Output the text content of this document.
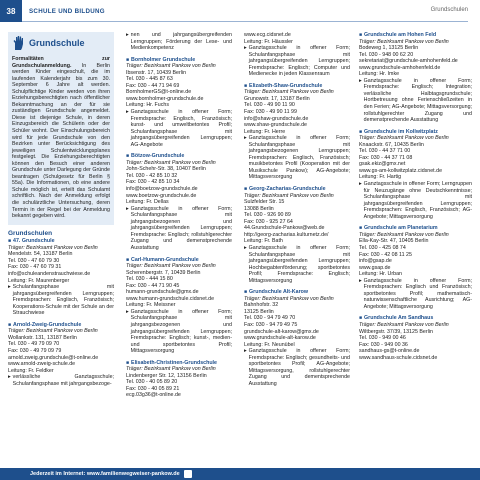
38	SCHULE UND BILDUNG	Grundschulen
Grundschule
Formalitäten zur Grundschulanmeldung. In Berlin werden Kinder eingeschult, die im laufenden Kalenderjahr bis zum 30. September 6 Jahre alt werden. Schulpflichtige Kinder werden von ihren Erziehungsberechtigten nach öffentlicher Bekanntmachung an der für sie zuständigen Grundschule angemeldet. Diese ist diejenige Schule, in deren Einzugsbereich die Schülerin oder der Schüler wohnt. Der Einschulungsbereich wird für jede Grundschule von den Bezirken unter Berücksichtigung des jeweiligen Schulentwicklungsplanes festgelegt. Die Erziehungsberechtigten können den Besuch einer anderen Grundschule unter Darlegung der Gründe beantragen (Schulgesetz für Berlin § 55a). Die Informationen, ob eine andere Schule möglich ist, erteilt das Schulamt schriftlich. Nach der Anmeldung erfolgt die schulärztliche Untersuchung, deren Termin in der Regel bei der Anmeldung bekannt gegeben wird.
Grundschulen
■ 47. Grundschule
Träger: Bezirksamt Pankow von Berlin
Mendelstr. 54, 13187 Berlin
Tel. 030 - 47 60 79 30
Fax: 030 - 47 60 79 31
info@schuleandenstrauchwiese.de
Leitung: Fr. Maurenberger
▸ Schulanfangsphase mit jahrgangsübergreifenden Lerngruppen; Fremdsprachen: Englisch, Französisch; Kooperations-Schule mit der Schule an der Strauchwiese
■ Arnold-Zweig-Grundschule
Träger: Bezirksamt Pankow von Berlin
Wollankstr. 131, 13187 Berlin
Tel. 030 - 49 79 09 70
Fax: 030 - 49 79 09 79
arnold.zweig.grundschule@t-online.de
www.arnold-zweig-schule.de
Leitung: Fr. Feldker
▸ verlässliche Ganztagsschule; Schulanfangsphase mit jahrgangsbezoge-
▸ nen und jahrgangsübergreifenden Lerngruppen; Förderung der Lese- und Medienkompetenz
■ Bornholmer Grundschule
Träger: Bezirksamt Pankow von Berlin
Ibsenstr. 17, 10439 Berlin
Tel. 030 - 445 87 63
Fax: 030 - 44 71 94 69
BornholmerGS@t-online.de
www.bornholmer-grundschule.de
Leitung: Hr. Fuchs
▸ Ganztagsschule in offener Form; Fremdsprache: Englisch, Französisch; kunst- und umweltbetontes Profil; Schulanfangsphase mit jahrgangsübergreifenden Lerngruppen; AG-Angebote
■ Bötzow-Grundschule
Träger: Bezirksamt Pankow von Berlin
John-Schehr-Str. 38, 10407 Berlin
Tel. 030 - 42 85 10 32
Fax: 030 - 42 85 10 34
info@boetzow-grundschule.de
www.boetzow-grundschule.de
Leitung: Fr. Dellas
▸ Ganztagsschule in offener Form; Schulanfangsphase mit jahrgangsbezogenen und jahrgangsübergreifenden Lerngruppen; Fremdsprache: Englisch; rollstuhlgerechter Zugang und demenstprechende Ausstattung
■ Carl-Humann-Grundschule
Träger: Bezirksamt Pankow von Berlin
Scherenbergstr. 7, 10439 Berlin
Tel. 030 - 444 15 80
Fax: 030 - 44 71 90 45
humann-grundschule@gmx.de
www.humann-grundschule.cidsnet.de
Leitung: Fr. Meissner
▸ Ganztagsschule in offener Form; Schulanfangsphase mit jahrgangsbezogenen und jahrgangsübergreifenden Lerngruppen; Fremdsprache: Englisch; kunst-, medien- und sportbetontes Profil; Mittagsversorgung
■ Elisabeth-Christinen-Grundschule
Träger: Bezirksamt Pankow von Berlin
Lindenberger Str. 12, 13156 Berlin
Tel. 030 - 40 05 89 20
Fax: 030 - 40 05 89 21
ecg.03g36@t-online.de
www.ecg.cidsnet.de
Leitung: Fr. Häussler
▸ Ganztagsschule in offener Form; Schulanfangsphase mit jahrgangsübergreifenden Lerngruppen; Fremdsprache: Englisch; Computer und Medienecke in jeden Klassenraum
■ Elizabeth-Shaw-Grundschule
Träger: Bezirksamt Pankow von Berlin
Grunowstr. 17, 13187 Berlin
Tel. 030 - 49 90 11 90
Fax: 030 - 49 90 11 99
info@shaw-grundschule.de
www.shaw-grundschule.de
Leitung: Fr. Herre
▸ Ganztagsschule in offener Form; Schulanfangsphase mit jahrgangsbezogenen Lerngruppen; Fremdsprachen: Englisch, Französisch; musikbetontes Profil (Kooperation mit der Musikschule Pankow); AG-Angebote; Mittagsversorgung
■ Georg-Zacharias-Grundschule
Träger: Bezirksamt Pankow von Berlin
Sulzfelder Str. 15
13088 Berlin
Tel. 030 - 926 90 89
Fax: 030 - 925 27 64
44.Grundschule-Pankow@web.de
http://georg-zacharias.kulturnetz.de/
Leitung: Fr. Bath
▸ Ganztagsschule in offener Form; Schulanfangsphase mit jahrgangsübergreifenden Lerngruppen; Hochbegabtenförderung; sportbetontes Profil; Fremdsprache: Englisch; Mittagsversorgung
■ Grundschule Alt-Karow
Träger: Bezirksamt Pankow von Berlin
Bahnhofstr. 32
13125 Berlin
Tel. 030 - 94 79 49 70
Fax: 030 - 94 79 49 75
grundschule-alt-karow@gmx.de
www.grundschule-alt-karow.de
Leitung: Fr. Neunübel
▸ Ganztagsschule in offener Form; Fremdsprache: Englisch; gesundheits- und sportbetontes Profil; AG-Angebote; Mittagsversorgung, rollstuhlgerechter Zugang und dementsprechende Ausstattung
■ Grundschule am Hohen Feld
Träger: Bezirksamt Pankow von Berlin
Bodeweg 1, 13125 Berlin
Tel. 030 - 948 00 62 20
sekretariat@grundschule-amhohenfeld.de
www.grundschule-amhohenfeld.de
Leitung: Hr. Imke
▸ Ganztagsschule in offener Form; Fremdsprache: Englisch; Integration; verlässliche Halbtagsgrundschule; Hortbetreuung ohne Ferienschließzeiten in den Ferien; AG-Angebote; Mittagsversorgung; rollstuhlgerechter Zugang und demenstprechende Ausstattung
■ Grundschule im Kollwitzplatz
Träger: Bezirksamt Pankow von Berlin
Knaackstr. 67, 10435 Berlin
Tel. 030 - 44 37 71 00
Fax: 030 - 44 37 71 08
gsak.ekiz@gmx.net
www.gs-am-kollwitzplatz.cidsnet.de
Leitung: Fr. Hartig
▸ Ganztagsschule in offener Form; Lerngruppen für Neuzugänge ohne Deutschkenntnisse; Schulanfangsphase mit jahrgangsübergreifenden Lerngruppen; Fremdsprachen: Englisch, Französisch; AG-Angebote; Mittagsversorgung
■ Grundschule am Planetarium
Träger: Bezirksamt Pankow von Berlin
Ella-Kay-Str. 47, 10405 Berlin
Tel. 030 - 425 08 74
Fax: 030 - 42 08 11 25
info@gsap.de
www.gsap.de
Leitung: Hr. Urban
▸ Ganztagsschule in offener Form; Fremdsprachen: Englisch und Französisch; sportbetontes Profil; mathematisch-naturwissenschaftliche Ausrichtung; AG-Angebote; Mittagsversorgung
■ Grundschule Am Sandhaus
Träger: Bezirksamt Pankow von Berlin
Wiltbergstr. 37/39, 13125 Berlin
Tel. 030 - 949 00 46
Fax: 030 - 949 00 36
sandhaus-gs@t-online.de
www.sandhaus-schule.cidsnet.de
Jederzeit im Internet: www.familienwegweiser-pankow.de
